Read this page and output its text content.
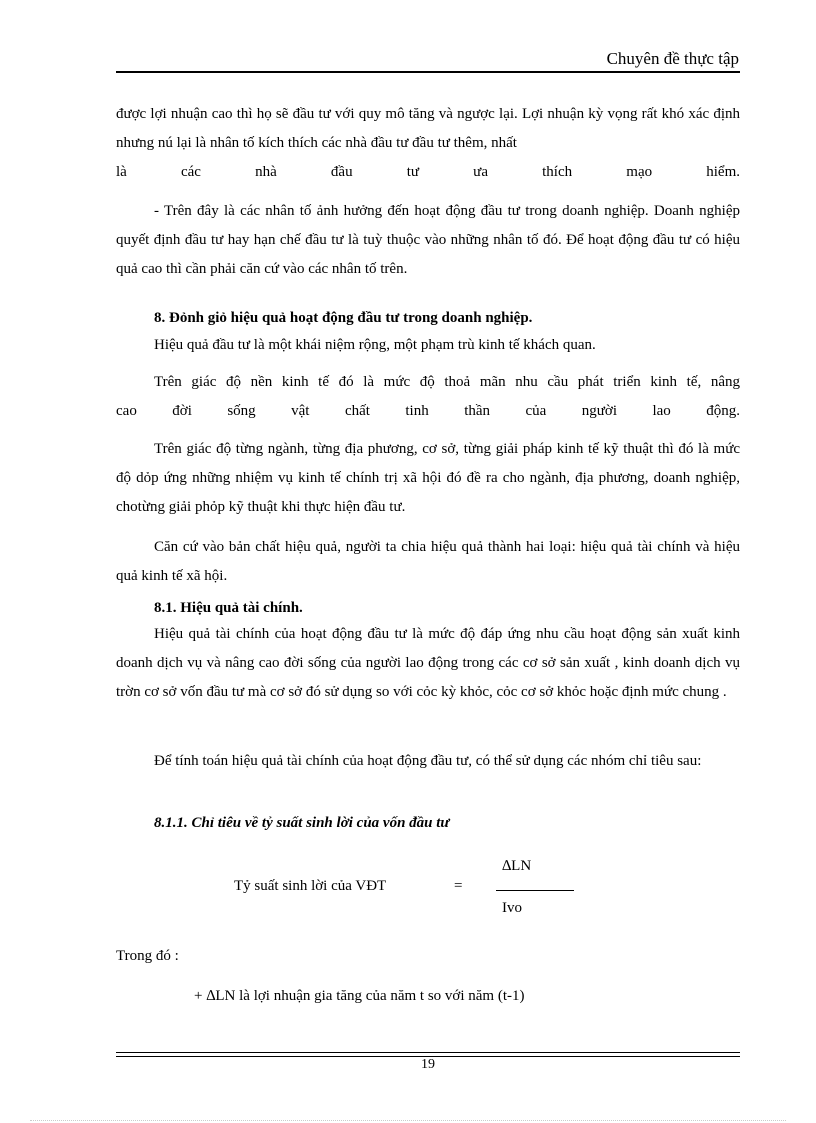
Chuyên đề thực tập

được lợi nhuận cao thì họ sẽ đầu tư với quy mô tăng và ngược lại. Lợi nhuận kỳ vọng rất khó xác định nhưng nú lại là nhân tố kích thích các nhà đầu tư đầu tư thêm, nhất

là các nhà đầu tư ưa thích mạo hiểm.

- Trên đây là các nhân tố ảnh hưởng đến hoạt động đầu tư trong doanh nghiệp. Doanh nghiệp quyết định đầu tư hay hạn chế đầu tư là tuỳ thuộc vào những nhân tố đó. Để hoạt động đầu tư có hiệu quả cao thì cần phải căn cứ vào các nhân tố trên.

8. Đỏnh giỏ hiệu quả hoạt động đầu tư trong doanh nghiệp.

Hiệu quả đầu tư là một khái niệm rộng, một phạm trù kinh tế khách quan.

Trên giác độ nền kinh tế đó là mức độ thoả mãn nhu cầu phát triển kinh tế, nâng

cao đời sống vật chất tinh thần của người lao động.

Trên giác độ từng ngành, từng địa phương, cơ sở, từng giải pháp kinh tế kỹ thuật thì đó là mức độ dỏp ứng những nhiệm vụ kinh tế chính trị xã hội đó đề ra cho ngành, địa phương, doanh nghiệp, chotừng giải phỏp kỹ thuật khi thực hiện đầu tư.

Căn cứ vào bản chất hiệu quả, người ta chia hiệu quả thành hai loại: hiệu quả tài chính và hiệu quả kinh tế xã hội.

8.1. Hiệu quả tài chính.

Hiệu quả tài chính của hoạt động đầu tư là mức độ đáp ứng nhu cầu hoạt động sản xuất kinh doanh dịch vụ và nâng cao đời sống của người lao động trong các cơ sở sản xuất , kinh doanh dịch vụ trờn cơ sở vốn đầu tư mà cơ sở đó sử dụng so với cỏc kỳ khỏc, cỏc cơ sở khỏc hoặc định mức chung .

Để tính toán hiệu quả tài chính của hoạt động đầu tư, có thể sử dụng các nhóm chỉ tiêu sau:

8.1.1. Chỉ tiêu về tỷ suất sinh lời của vốn đầu tư

Tỷ suất sinh lời của VĐT	=
∆LN
Ivo

Trong đó :

+ ∆LN là lợi nhuận gia tăng của năm t so với năm (t-1)

19
